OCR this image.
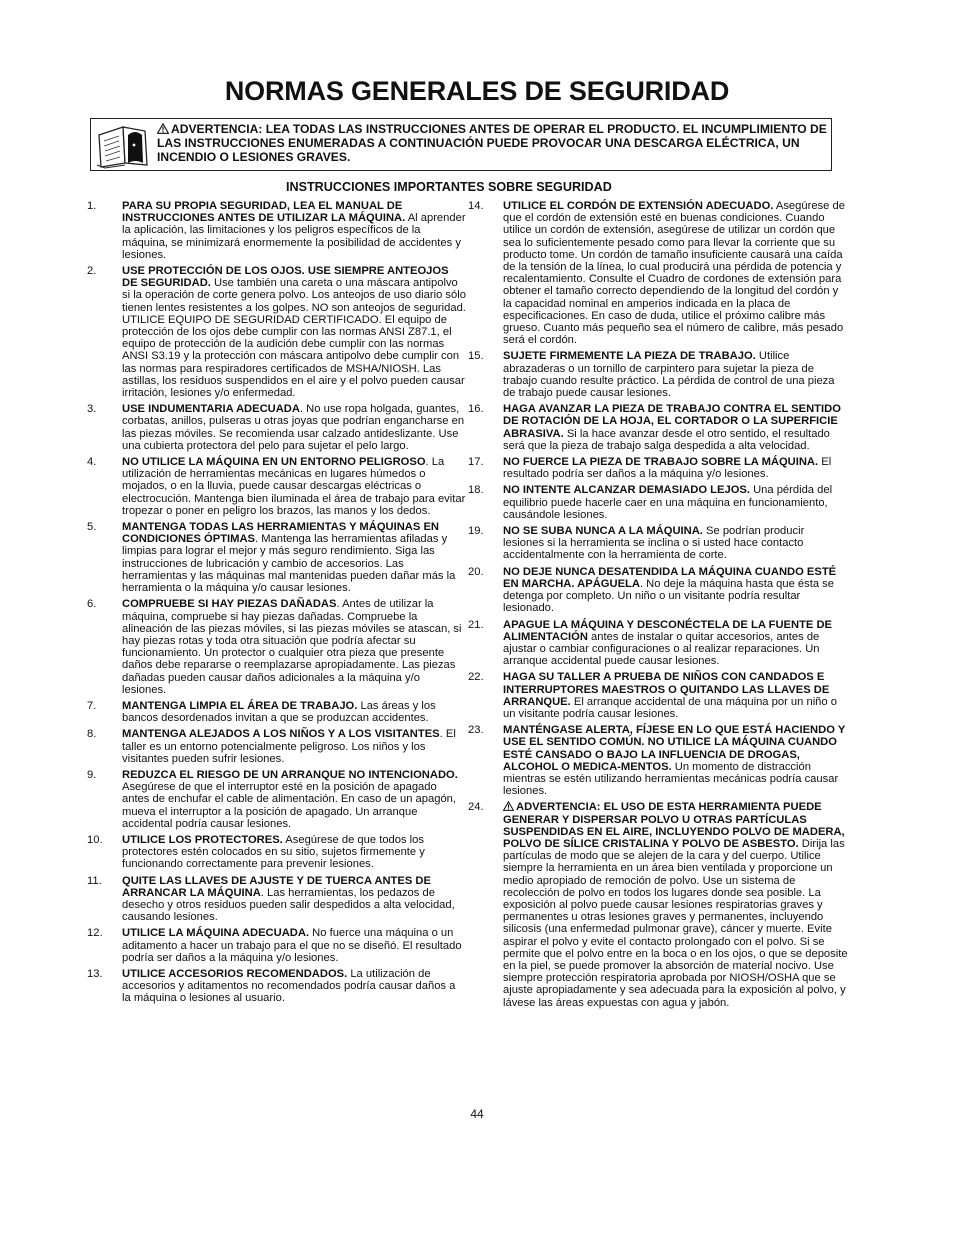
NORMAS GENERALES DE SEGURIDAD
ADVERTENCIA: LEA TODAS LAS INSTRUCCIONES ANTES DE OPERAR EL PRODUCTO. EL INCUMPLIMIENTO DE LAS INSTRUCCIONES ENUMERADAS A CONTINUACIÓN PUEDE PROVOCAR UNA DESCARGA ELÉCTRICA, UN INCENDIO O LESIONES GRAVES.
INSTRUCCIONES IMPORTANTES SOBRE SEGURIDAD
1. PARA SU PROPIA SEGURIDAD, LEA EL MANUAL DE INSTRUCCIONES ANTES DE UTILIZAR LA MÁQUINA. Al aprender la aplicación, las limitaciones y los peligros específicos de la máquina, se minimizará enormemente la posibilidad de accidentes y lesiones.
2. USE PROTECCIÓN DE LOS OJOS. USE SIEMPRE ANTEOJOS DE SEGURIDAD. Use también una careta o una máscara antipolvo si la operación de corte genera polvo. Los anteojos de uso diario sólo tienen lentes resistentes a los golpes. NO son anteojos de seguridad. UTILICE EQUIPO DE SEGURIDAD CERTIFICADO. El equipo de protección de los ojos debe cumplir con las normas ANSI Z87.1, el equipo de protección de la audición debe cumplir con las normas ANSI S3.19 y la protección con máscara antipolvo debe cumplir con las normas para respiradores certificados de MSHA/NIOSH. Las astillas, los residuos suspendidos en el aire y el polvo pueden causar irritación, lesiones y/o enfermedad.
3. USE INDUMENTARIA ADECUADA. No use ropa holgada, guantes, corbatas, anillos, pulseras u otras joyas que podrían engancharse en las piezas móviles. Se recomienda usar calzado antideslizante. Use una cubierta protectora del pelo para sujetar el pelo largo.
4. NO UTILICE LA MÁQUINA EN UN ENTORNO PELIGROSO. La utilización de herramientas mecánicas en lugares húmedos o mojados, o en la lluvia, puede causar descargas eléctricas o electrocución. Mantenga bien iluminada el área de trabajo para evitar tropezar o poner en peligro los brazos, las manos y los dedos.
5. MANTENGA TODAS LAS HERRAMIENTAS Y MÁQUINAS EN CONDICIONES ÓPTIMAS. Mantenga las herramientas afiladas y limpias para lograr el mejor y más seguro rendimiento. Siga las instrucciones de lubricación y cambio de accesorios. Las herramientas y las máquinas mal mantenidas pueden dañar más la herramienta o la máquina y/o causar lesiones.
6. COMPRUEBE SI HAY PIEZAS DAÑADAS. Antes de utilizar la máquina, compruebe si hay piezas dañadas. Compruebe la alineación de las piezas móviles, si las piezas móviles se atascan, si hay piezas rotas y toda otra situación que podría afectar su funcionamiento. Un protector o cualquier otra pieza que presente daños debe repararse o reemplazarse apropiadamente. Las piezas dañadas pueden causar daños adicionales a la máquina y/o lesiones.
7. MANTENGA LIMPIA EL ÁREA DE TRABAJO. Las áreas y los bancos desordenados invitan a que se produzcan accidentes.
8. MANTENGA ALEJADOS A LOS NIÑOS Y A LOS VISITANTES. El taller es un entorno potencialmente peligroso. Los niños y los visitantes pueden sufrir lesiones.
9. REDUZCA EL RIESGO DE UN ARRANQUE NO INTENCIONADO. Asegúrese de que el interruptor esté en la posición de apagado antes de enchufar el cable de alimentación. En caso de un apagón, mueva el interruptor a la posición de apagado. Un arranque accidental podría causar lesiones.
10. UTILICE LOS PROTECTORES. Asegúrese de que todos los protectores estén colocados en su sitio, sujetos firmemente y funcionando correctamente para prevenir lesiones.
11. QUITE LAS LLAVES DE AJUSTE Y DE TUERCA ANTES DE ARRANCAR LA MÁQUINA. Las herramientas, los pedazos de desecho y otros residuos pueden salir despedidos a alta velocidad, causando lesiones.
12. UTILICE LA MÁQUINA ADECUADA. No fuerce una máquina o un aditamento a hacer un trabajo para el que no se diseñó. El resultado podría ser daños a la máquina y/o lesiones.
13. UTILICE ACCESORIOS RECOMENDADOS. La utilización de accesorios y aditamentos no recomendados podría causar daños a la máquina o lesiones al usuario.
14. UTILICE EL CORDÓN DE EXTENSIÓN ADECUADO. Asegúrese de que el cordón de extensión esté en buenas condiciones. Cuando utilice un cordón de extensión, asegúrese de utilizar un cordón que sea lo suficientemente pesado como para llevar la corriente que su producto tome. Un cordón de tamaño insuficiente causará una caída de la tensión de la línea, lo cual producirá una pérdida de potencia y recalentamiento. Consulte el Cuadro de cordones de extensión para obtener el tamaño correcto dependiendo de la longitud del cordón y la capacidad nominal en amperios indicada en la placa de especificaciones. En caso de duda, utilice el próximo calibre más grueso. Cuanto más pequeño sea el número de calibre, más pesado será el cordón.
15. SUJETE FIRMEMENTE LA PIEZA DE TRABAJO. Utilice abrazaderas o un tornillo de carpintero para sujetar la pieza de trabajo cuando resulte práctico. La pérdida de control de una pieza de trabajo puede causar lesiones.
16. HAGA AVANZAR LA PIEZA DE TRABAJO CONTRA EL SENTIDO DE ROTACIÓN DE LA HOJA, EL CORTADOR O LA SUPERFICIE ABRASIVA. Si la hace avanzar desde el otro sentido, el resultado será que la pieza de trabajo salga despedida a alta velocidad.
17. NO FUERCE LA PIEZA DE TRABAJO SOBRE LA MÁQUINA. El resultado podría ser daños a la máquina y/o lesiones.
18. NO INTENTE ALCANZAR DEMASIADO LEJOS. Una pérdida del equilibrio puede hacerle caer en una máquina en funcionamiento, causándole lesiones.
19. NO SE SUBA NUNCA A LA MÁQUINA. Se podrían producir lesiones si la herramienta se inclina o si usted hace contacto accidentalmente con la herramienta de corte.
20. NO DEJE NUNCA DESATENDIDA LA MÁQUINA CUANDO ESTÉ EN MARCHA. APÁGUELA. No deje la máquina hasta que ésta se detenga por completo. Un niño o un visitante podría resultar lesionado.
21. APAGUE LA MÁQUINA Y DESCONÉCTELA DE LA FUENTE DE ALIMENTACIÓN antes de instalar o quitar accesorios, antes de ajustar o cambiar configuraciones o al realizar reparaciones. Un arranque accidental puede causar lesiones.
22. HAGA SU TALLER A PRUEBA DE NIÑOS CON CANDADOS E INTERRUPTORES MAESTROS O QUITANDO LAS LLAVES DE ARRANQUE. El arranque accidental de una máquina por un niño o un visitante podría causar lesiones.
23. MANTÉNGASE ALERTA, FÍJESE EN LO QUE ESTÁ HACIENDO Y USE EL SENTIDO COMÚN. NO UTILICE LA MÁQUINA CUANDO ESTÉ CANSADO O BAJO LA INFLUENCIA DE DROGAS, ALCOHOL O MEDICA-MENTOS. Un momento de distracción mientras se estén utilizando herramientas mecánicas podría causar lesiones.
24.	ADVERTENCIA: EL USO DE ESTA HERRAMIENTA PUEDE GENERAR Y DISPERSAR POLVO U OTRAS PARTÍCULAS SUSPENDIDAS EN EL AIRE, INCLUYENDO POLVO DE MADERA, POLVO DE SÍLICE CRISTALINA Y POLVO DE ASBESTO. Dirija las partículas de modo que se alejen de la cara y del cuerpo. Utilice siempre la herramienta en un área bien ventilada y proporcione un medio apropiado de remoción de polvo. Use un sistema de recolección de polvo en todos los lugares donde sea posible. La exposición al polvo puede causar lesiones respiratorias graves y permanentes u otras lesiones graves y permanentes, incluyendo silicosis (una enfermedad pulmonar grave), cáncer y muerte. Evite aspirar el polvo y evite el contacto prolongado con el polvo. Si se permite que el polvo entre en la boca o en los ojos, o que se deposite en la piel, se puede promover la absorción de material nocivo. Use siempre protección respiratoria aprobada por NIOSH/OSHA que se ajuste apropiadamente y sea adecuada para la exposición al polvo, y lávese las áreas expuestas con agua y jabón.
44
